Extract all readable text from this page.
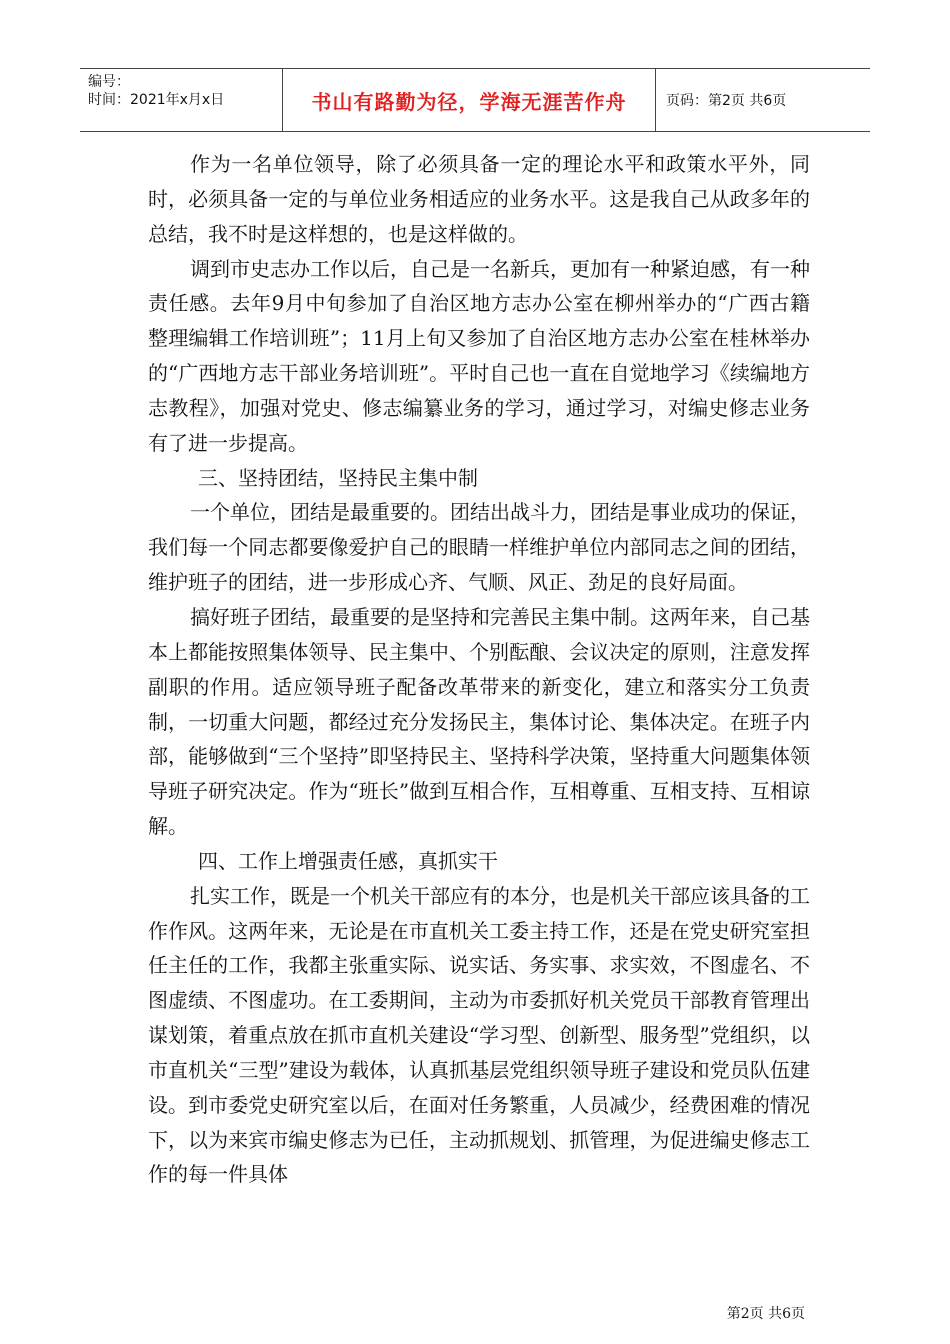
编号：
时间：2021年x月x日	书山有路勤为径，学海无涯苦作舟	页码：第2页 共6页

作为一名单位领导，除了必须具备一定的理论水平和政策水平外，同时，必须具备一定的与单位业务相适应的业务水平。这是我自己从政多年的总结，我不时是这样想的，也是这样做的。

调到市史志办工作以后，自己是一名新兵，更加有一种紧迫感，有一种责任感。去年9月中旬参加了自治区地方志办公室在柳州举办的“广西古籍整理编辑工作培训班”；11月上旬又参加了自治区地方志办公室在桂林举办的“广西地方志干部业务培训班”。平时自己也一直在自觉地学习《续编地方志教程》，加强对党史、修志编纂业务的学习，通过学习，对编史修志业务有了进一步提高。

三、坚持团结，坚持民主集中制

一个单位，团结是最重要的。团结出战斗力，团结是事业成功的保证，我们每一个同志都要像爱护自己的眼睛一样维护单位内部同志之间的团结，维护班子的团结，进一步形成心齐、气顺、风正、劲足的良好局面。

搞好班子团结，最重要的是坚持和完善民主集中制。这两年来，自己基本上都能按照集体领导、民主集中、个别酝酿、会议决定的原则，注意发挥副职的作用。适应领导班子配备改革带来的新变化，建立和落实分工负责制，一切重大问题，都经过充分发扬民主，集体讨论、集体决定。在班子内部，能够做到“三个坚持”即坚持民主、坚持科学决策，坚持重大问题集体领导班子研究决定。作为“班长”做到互相合作，互相尊重、互相支持、互相谅解。

四、工作上增强责任感，真抓实干

扎实工作，既是一个机关干部应有的本分，也是机关干部应该具备的工作作风。这两年来，无论是在市直机关工委主持工作，还是在党史研究室担任主任的工作，我都主张重实际、说实话、务实事、求实效，不图虚名、不图虚绩、不图虚功。在工委期间，主动为市委抓好机关党员干部教育管理出谋划策，着重点放在抓市直机关建设“学习型、创新型、服务型”党组织，以市直机关“三型”建设为载体，认真抓基层党组织领导班子建设和党员队伍建设。到市委党史研究室以后，在面对任务繁重，人员减少，经费困难的情况下，以为来宾市编史修志为已任，主动抓规划、抓管理，为促进编史修志工作的每一件具体

第2页 共6页
